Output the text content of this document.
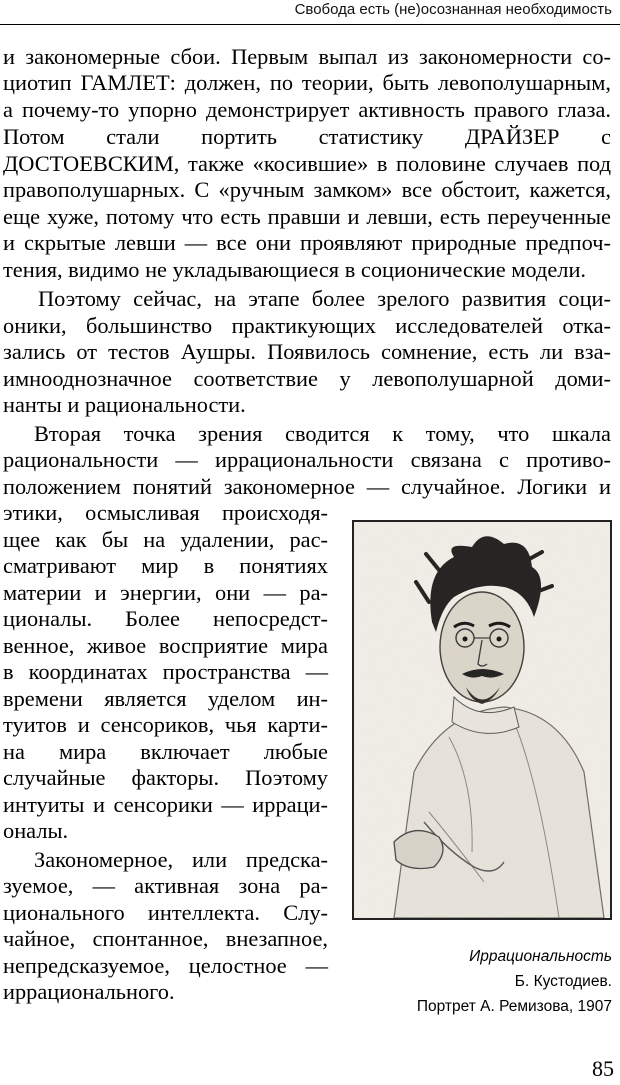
Свобода есть (не)осознанная необходимость
и закономерные сбои. Первым выпал из закономерности со-
циотип ГАМЛЕТ: должен, по теории, быть левополушарным,
а почему-то упорно демонстрирует активность правого глаза.
Потом стали портить статистику ДРАЙЗЕР с
ДОСТОЕВСКИМ, также «косившие» в половине случаев под
правополушарных. С «ручным замком» все обстоит, кажется,
еще хуже, потому что есть правши и левши, есть переученные
и скрытые левши — все они проявляют природные предпоч-
тения, видимо не укладывающиеся в соционические модели.
Поэтому сейчас, на этапе более зрелого развития соци-
оники, большинство практикующих исследователей отка-
зались от тестов Аушры. Появилось сомнение, есть ли вза-
имнооднозначное соответствие у левополушарной доми-
нанты и рациональности.
Вторая точка зрения сводится к тому, что шкала
рациональности — иррациональности связана с противо-
положением понятий закономерное — случайное. Логики и
этики, осмысливая происходя-
щее как бы на удалении, рас-
сматривают мир в понятиях
материи и энергии, они — ра-
ционалы. Более непосредст-
венное, живое восприятие мира
в координатах пространства —
времени является уделом ин-
туитов и сенсориков, чья карти-
на мира включает любые
случайные факторы. Поэтому
интуиты и сенсорики — ирраци-
оналы.
Закономерное, или предска-
зуемое, — активная зона ра-
ционального интеллекта. Слу-
чайное, спонтанное, внезапное,
непредсказуемое, целостное —
иррационального.
Иррациональность
Б. Кустодиев.
Портрет А. Ремизова, 1907
85
